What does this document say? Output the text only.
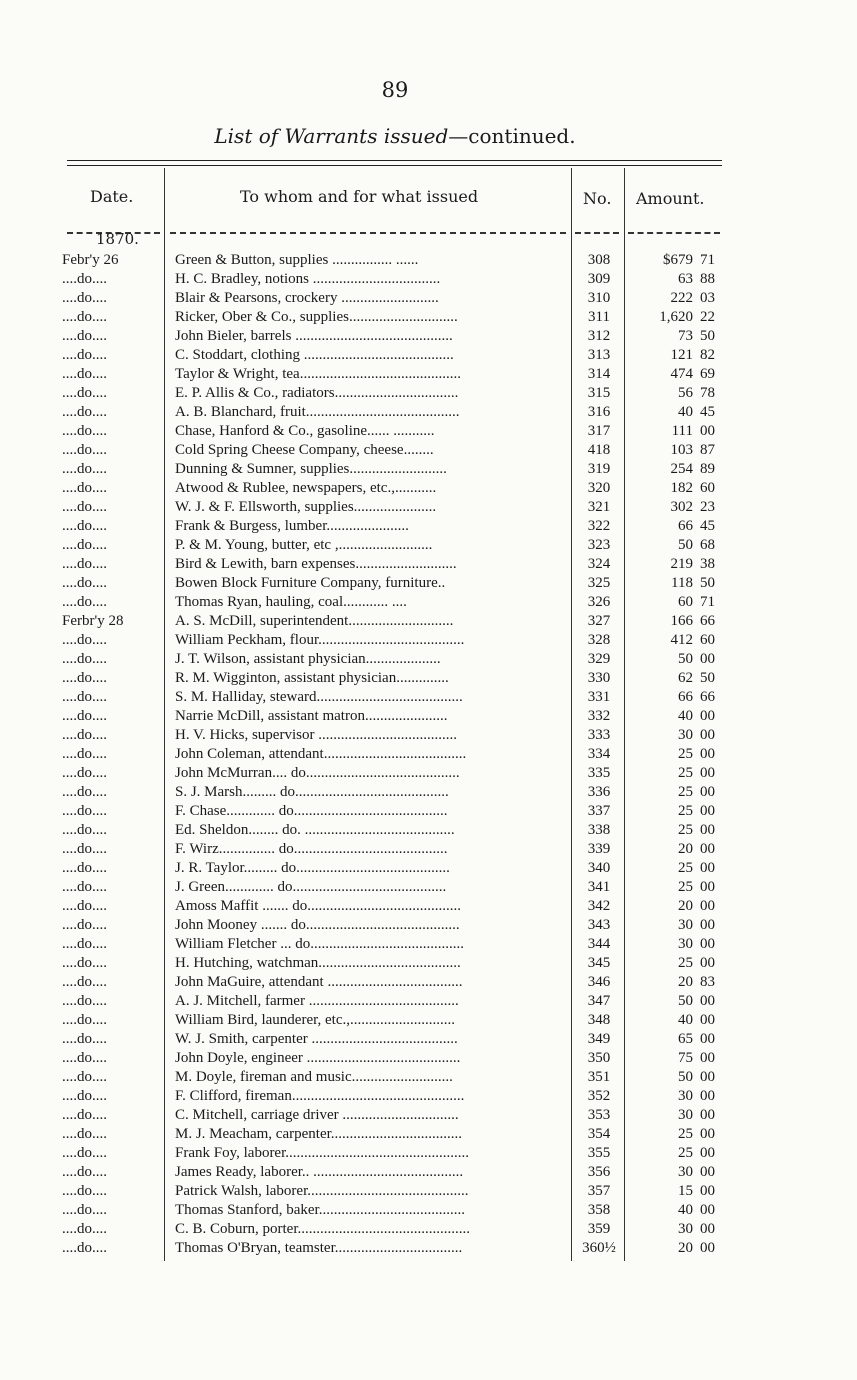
89
List of Warrants issued—continued.
Date.	To whom and for what issued	No. Amount.
1870.
Febr'y 26	Green & Button, supplies ................ ......	308	$679 71
....do....	H. C. Bradley, notions ..................................	309	63 88
....do....	Blair & Pearsons, crockery ..........................	310	222 03
....do....	Ricker, Ober & Co., supplies.............................	311	1,620 22
....do....	John Bieler, barrels ..........................................	312	73 50
....do....	C. Stoddart, clothing ........................................	313	121 82
....do....	Taylor & Wright, tea...........................................	314	474 69
....do....	E. P. Allis & Co., radiators.................................	315	56 78
....do....	A. B. Blanchard, fruit.........................................	316	40 45
....do....	Chase, Hanford & Co., gasoline...... ...........	317	111 00
....do....	Cold Spring Cheese Company, cheese........	418	103 87
....do....	Dunning & Sumner, supplies..........................	319	254 89
....do....	Atwood & Rublee, newspapers, etc.,...........	320	182 60
....do....	W. J. & F. Ellsworth, supplies......................	321	302 23
....do....	Frank & Burgess, lumber......................	322	66 45
....do....	P. & M. Young, butter, etc ,.........................	323	50 68
....do....	Bird & Lewith, barn expenses...........................	324	219 38
....do....	Bowen Block Furniture Company, furniture..	325	118 50
....do....	Thomas Ryan, hauling, coal............ ....	326	60 71
Ferbr'y 28	A. S. McDill, superintendent............................	327	166 66
....do....	William Peckham, flour.......................................	328	412 60
....do....	J. T. Wilson, assistant physician....................	329	50 00
....do....	R. M. Wigginton, assistant physician..............	330	62 50
....do....	S. M. Halliday, steward.......................................	331	66 66
....do....	Narrie McDill, assistant matron......................	332	40 00
....do....	H. V. Hicks, supervisor .....................................	333	30 00
....do....	John Coleman, attendant......................................	334	25 00
....do....	John McMurran.... do.........................................	335	25 00
....do....	S. J. Marsh......... do.........................................	336	25 00
....do....	F. Chase............. do.........................................	337	25 00
....do....	Ed. Sheldon........ do. ........................................	338	25 00
....do....	F. Wirz............... do.........................................	339	20 00
....do....	J. R. Taylor......... do.........................................	340	25 00
....do....	J. Green............. do.........................................	341	25 00
....do....	Amoss Maffit ....... do.........................................	342	20 00
....do....	John Mooney ....... do.........................................	343	30 00
....do....	William Fletcher ... do.........................................	344	30 00
....do....	H. Hutching, watchman......................................	345	25 00
....do....	John MaGuire, attendant ....................................	346	20 83
....do....	A. J. Mitchell, farmer ........................................	347	50 00
....do....	William Bird, launderer, etc.,............................	348	40 00
....do....	W. J. Smith, carpenter .......................................	349	65 00
....do....	John Doyle, engineer .........................................	350	75 00
....do....	M. Doyle, fireman and music...........................	351	50 00
....do....	F. Clifford, fireman..............................................	352	30 00
....do....	C. Mitchell, carriage driver ...............................	353	30 00
....do....	M. J. Meacham, carpenter...................................	354	25 00
....do....	Frank Foy, laborer.................................................	355	25 00
....do....	James Ready, laborer.. ........................................	356	30 00
....do....	Patrick Walsh, laborer...........................................	357	15 00
....do....	Thomas Stanford, baker.......................................	358	40 00
....do....	C. B. Coburn, porter..............................................	359	30 00
....do....	Thomas O'Bryan, teamster..................................	360½	20 00
